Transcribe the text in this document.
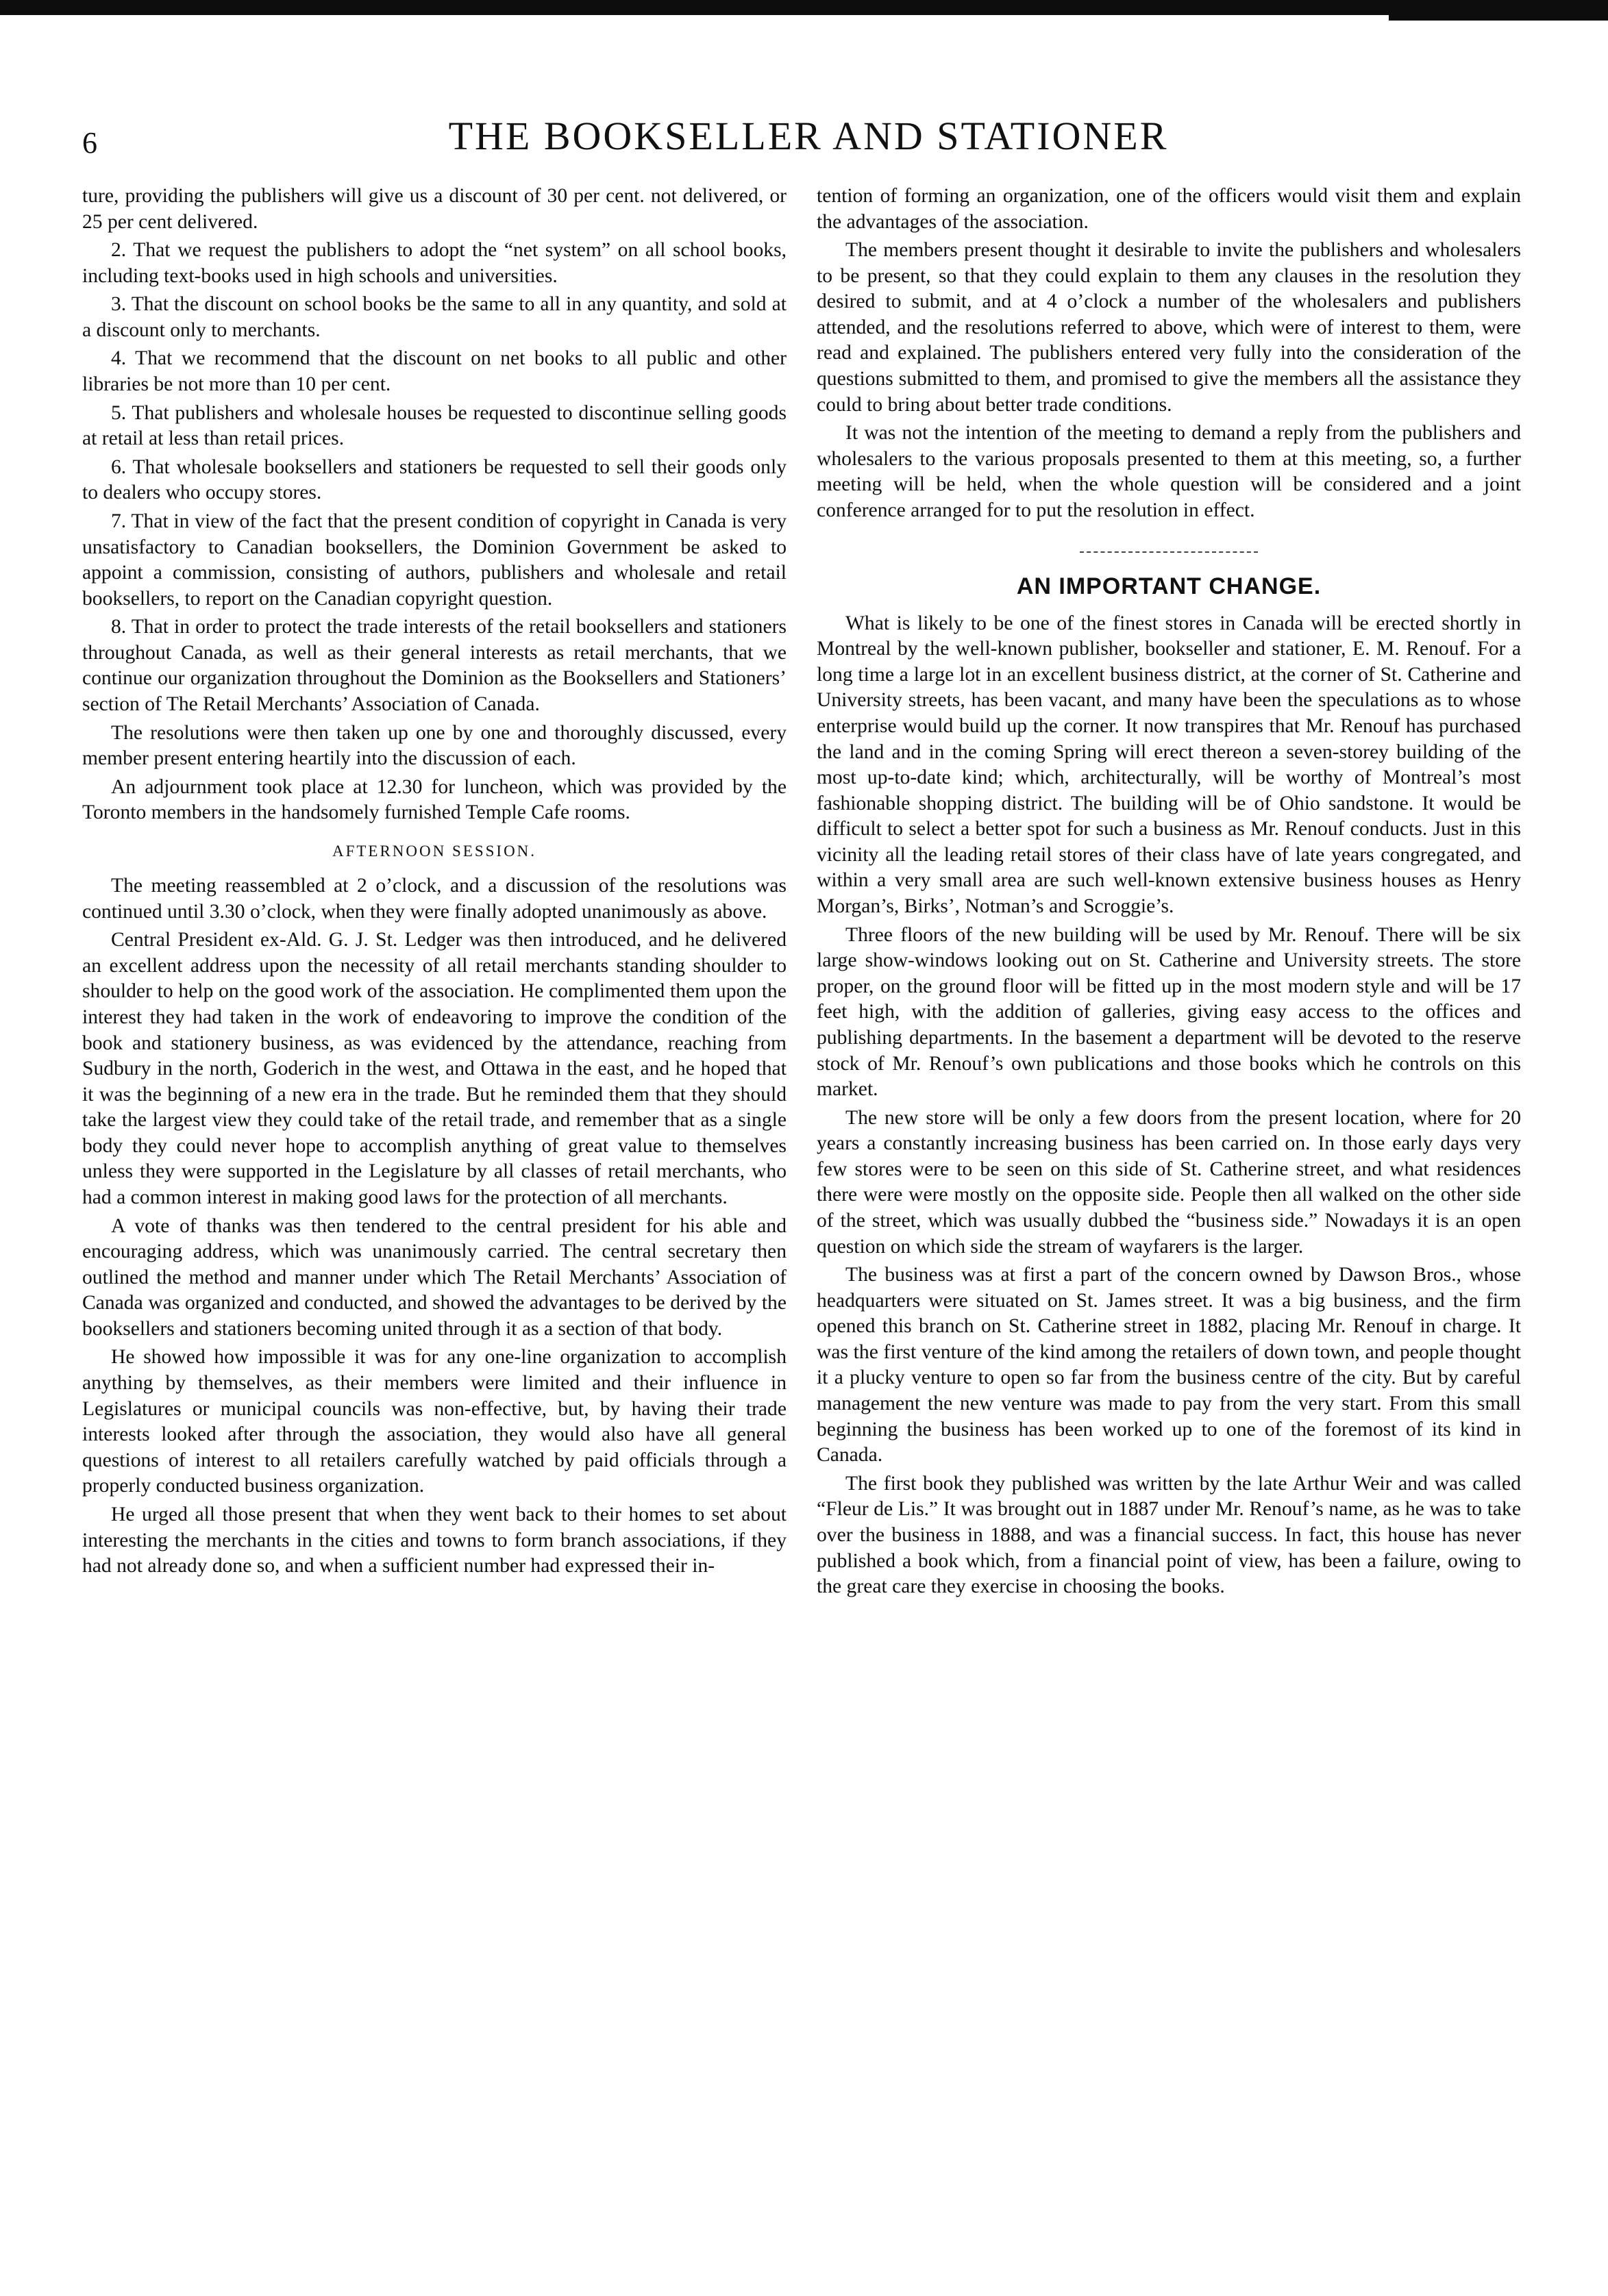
6	THE BOOKSELLER AND STATIONER

ture, providing the publishers will give us a discount of 30 per cent. not delivered, or 25 per cent delivered.

2. That we request the publishers to adopt the “net system” on all school books, including text-books used in high schools and universities.

3. That the discount on school books be the same to all in any quantity, and sold at a discount only to merchants.

4. That we recommend that the discount on net books to all public and other libraries be not more than 10 per cent.

5. That publishers and wholesale houses be requested to discontinue selling goods at retail at less than retail prices.

6. That wholesale booksellers and stationers be requested to sell their goods only to dealers who occupy stores.

7. That in view of the fact that the present condition of copyright in Canada is very unsatisfactory to Canadian booksellers, the Dominion Government be asked to appoint a commission, consisting of authors, publishers and wholesale and retail booksellers, to report on the Canadian copyright question.

8. That in order to protect the trade interests of the retail booksellers and stationers throughout Canada, as well as their general interests as retail merchants, that we continue our organization throughout the Dominion as the Booksellers and Stationers’ section of The Retail Merchants’ Association of Canada.

The resolutions were then taken up one by one and thoroughly discussed, every member present entering heartily into the discussion of each.

An adjournment took place at 12.30 for luncheon, which was provided by the Toronto members in the handsomely furnished Temple Cafe rooms.

AFTERNOON SESSION.

The meeting reassembled at 2 o’clock, and a discussion of the resolutions was continued until 3.30 o’clock, when they were finally adopted unanimously as above.

Central President ex-Ald. G. J. St. Ledger was then introduced, and he delivered an excellent address upon the necessity of all retail merchants standing shoulder to shoulder to help on the good work of the association. He complimented them upon the interest they had taken in the work of endeavoring to improve the condition of the book and stationery business, as was evidenced by the attendance, reaching from Sudbury in the north, Goderich in the west, and Ottawa in the east, and he hoped that it was the beginning of a new era in the trade. But he reminded them that they should take the largest view they could take of the retail trade, and remember that as a single body they could never hope to accomplish anything of great value to themselves unless they were supported in the Legislature by all classes of retail merchants, who had a common interest in making good laws for the protection of all merchants.

A vote of thanks was then tendered to the central president for his able and encouraging address, which was unanimously carried. The central secretary then outlined the method and manner under which The Retail Merchants’ Association of Canada was organized and conducted, and showed the advantages to be derived by the booksellers and stationers becoming united through it as a section of that body.

He showed how impossible it was for any one-line organization to accomplish anything by themselves, as their members were limited and their influence in Legislatures or municipal councils was non-effective, but, by having their trade interests looked after through the association, they would also have all general questions of interest to all retailers carefully watched by paid officials through a properly conducted business organization.

He urged all those present that when they went back to their homes to set about interesting the merchants in the cities and towns to form branch associations, if they had not already done so, and when a sufficient number had expressed their in-

tention of forming an organization, one of the officers would visit them and explain the advantages of the association.

The members present thought it desirable to invite the publishers and wholesalers to be present, so that they could explain to them any clauses in the resolution they desired to submit, and at 4 o’clock a number of the wholesalers and publishers attended, and the resolutions referred to above, which were of interest to them, were read and explained. The publishers entered very fully into the consideration of the questions submitted to them, and promised to give the members all the assistance they could to bring about better trade conditions.

It was not the intention of the meeting to demand a reply from the publishers and wholesalers to the various proposals presented to them at this meeting, so, a further meeting will be held, when the whole question will be considered and a joint conference arranged for to put the resolution in effect.

AN IMPORTANT CHANGE.

What is likely to be one of the finest stores in Canada will be erected shortly in Montreal by the well-known publisher, bookseller and stationer, E. M. Renouf. For a long time a large lot in an excellent business district, at the corner of St. Catherine and University streets, has been vacant, and many have been the speculations as to whose enterprise would build up the corner. It now transpires that Mr. Renouf has purchased the land and in the coming Spring will erect thereon a seven-storey building of the most up-to-date kind; which, architecturally, will be worthy of Montreal’s most fashionable shopping district. The building will be of Ohio sandstone. It would be difficult to select a better spot for such a business as Mr. Renouf conducts. Just in this vicinity all the leading retail stores of their class have of late years congregated, and within a very small area are such well-known extensive business houses as Henry Morgan’s, Birks’, Notman’s and Scroggie’s.

Three floors of the new building will be used by Mr. Renouf. There will be six large show-windows looking out on St. Catherine and University streets. The store proper, on the ground floor will be fitted up in the most modern style and will be 17 feet high, with the addition of galleries, giving easy access to the offices and publishing departments. In the basement a department will be devoted to the reserve stock of Mr. Renouf’s own publications and those books which he controls on this market.

The new store will be only a few doors from the present location, where for 20 years a constantly increasing business has been carried on. In those early days very few stores were to be seen on this side of St. Catherine street, and what residences there were were mostly on the opposite side. People then all walked on the other side of the street, which was usually dubbed the “business side.” Nowadays it is an open question on which side the stream of wayfarers is the larger.

The business was at first a part of the concern owned by Dawson Bros., whose headquarters were situated on St. James street. It was a big business, and the firm opened this branch on St. Catherine street in 1882, placing Mr. Renouf in charge. It was the first venture of the kind among the retailers of down town, and people thought it a plucky venture to open so far from the business centre of the city. But by careful management the new venture was made to pay from the very start. From this small beginning the business has been worked up to one of the foremost of its kind in Canada.

The first book they published was written by the late Arthur Weir and was called “Fleur de Lis.” It was brought out in 1887 under Mr. Renouf’s name, as he was to take over the business in 1888, and was a financial success. In fact, this house has never published a book which, from a financial point of view, has been a failure, owing to the great care they exercise in choosing the books.
